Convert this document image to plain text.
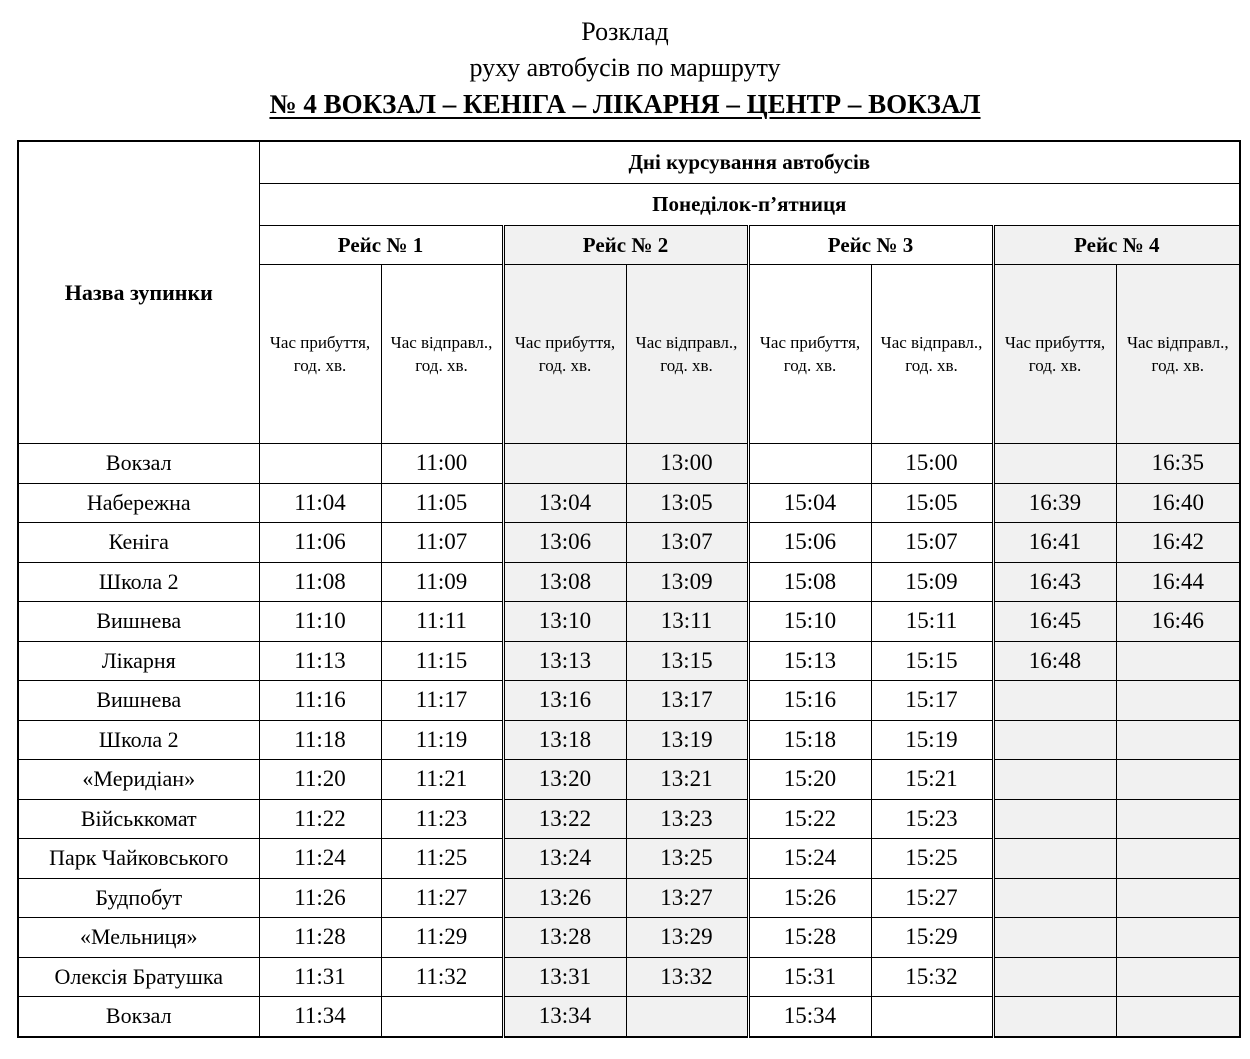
Розклад
руху автобусів по маршруту
№ 4 ВОКЗАЛ – КЕНІГА – ЛІКАРНЯ – ЦЕНТР – ВОКЗАЛ
Назва зупинки	Дні курсування автобусів							
	Понеділок-п’ятниця							
	Рейс № 1		Рейс № 2		Рейс № 3		Рейс № 4	
	Час прибуття, год. хв.	Час відправл., год. хв.	Час прибуття, год. хв.	Час відправл., год. хв.	Час прибуття, год. хв.	Час відправл., год. хв.	Час прибуття, год. хв.	Час відправл., год. хв.
Вокзал		11:00		13:00		15:00		16:35
Набережна	11:04	11:05	13:04	13:05	15:04	15:05	16:39	16:40
Кеніга	11:06	11:07	13:06	13:07	15:06	15:07	16:41	16:42
Школа 2	11:08	11:09	13:08	13:09	15:08	15:09	16:43	16:44
Вишнева	11:10	11:11	13:10	13:11	15:10	15:11	16:45	16:46
Лікарня	11:13	11:15	13:13	13:15	15:13	15:15	16:48	
Вишнева	11:16	11:17	13:16	13:17	15:16	15:17		
Школа 2	11:18	11:19	13:18	13:19	15:18	15:19		
«Меридіан»	11:20	11:21	13:20	13:21	15:20	15:21		
Військкомат	11:22	11:23	13:22	13:23	15:22	15:23		
Парк Чайковського	11:24	11:25	13:24	13:25	15:24	15:25		
Будпобут	11:26	11:27	13:26	13:27	15:26	15:27		
«Мельниця»	11:28	11:29	13:28	13:29	15:28	15:29		
Олексія Братушка	11:31	11:32	13:31	13:32	15:31	15:32		
Вокзал	11:34		13:34		15:34			
